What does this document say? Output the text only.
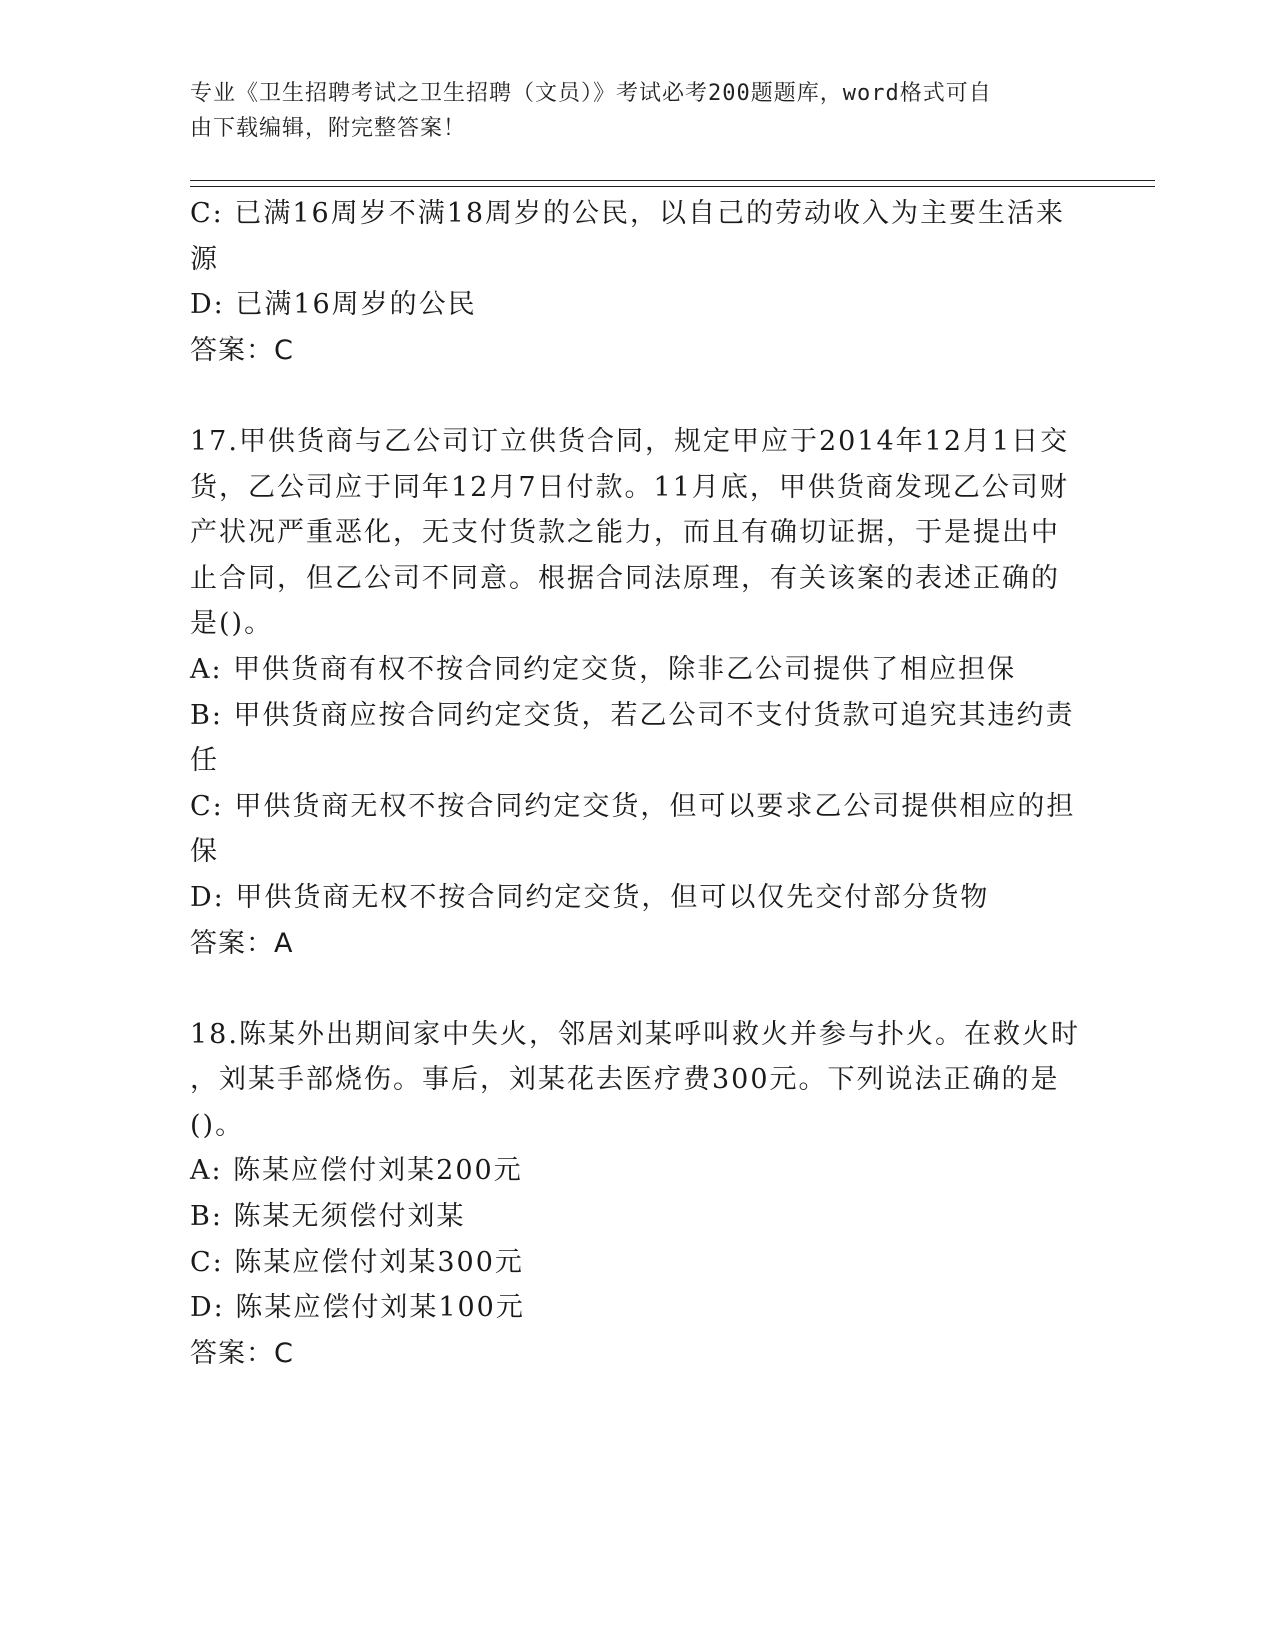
专业《卫生招聘考试之卫生招聘（文员）》考试必考200题题库，word格式可自
由下载编辑，附完整答案！
C: 已满16周岁不满18周岁的公民，以自己的劳动收入为主要生活来
源
D: 已满16周岁的公民
答案：C
17.甲供货商与乙公司订立供货合同，规定甲应于2014年12月1日交
货，乙公司应于同年12月7日付款。11月底，甲供货商发现乙公司财
产状况严重恶化，无支付货款之能力，而且有确切证据，于是提出中
止合同，但乙公司不同意。根据合同法原理，有关该案的表述正确的
是()。
A: 甲供货商有权不按合同约定交货，除非乙公司提供了相应担保
B: 甲供货商应按合同约定交货，若乙公司不支付货款可追究其违约责
任
C: 甲供货商无权不按合同约定交货，但可以要求乙公司提供相应的担
保
D: 甲供货商无权不按合同约定交货，但可以仅先交付部分货物
答案：A
18.陈某外出期间家中失火，邻居刘某呼叫救火并参与扑火。在救火时
，刘某手部烧伤。事后，刘某花去医疗费300元。下列说法正确的是
()。
A: 陈某应偿付刘某200元
B: 陈某无须偿付刘某
C: 陈某应偿付刘某300元
D: 陈某应偿付刘某100元
答案：C
